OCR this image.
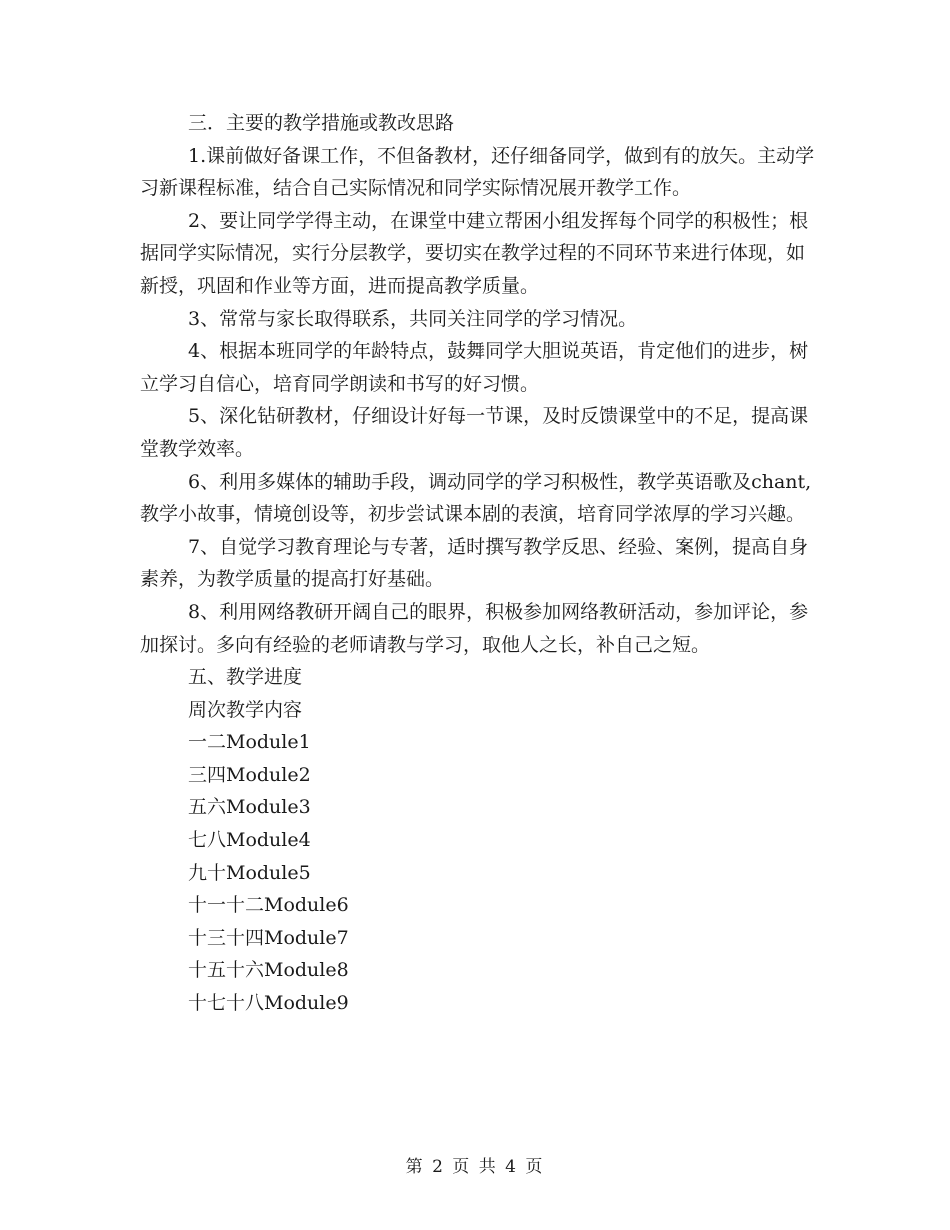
三．主要的教学措施或教改思路

1.课前做好备课工作，不但备教材，还仔细备同学，做到有的放矢。主动学习新课程标准，结合自己实际情况和同学实际情况展开教学工作。

2、要让同学学得主动，在课堂中建立帮困小组发挥每个同学的积极性；根据同学实际情况，实行分层教学，要切实在教学过程的不同环节来进行体现，如新授，巩固和作业等方面，进而提高教学质量。

3、常常与家长取得联系，共同关注同学的学习情况。

4、根据本班同学的年龄特点，鼓舞同学大胆说英语，肯定他们的进步，树立学习自信心，培育同学朗读和书写的好习惯。

5、深化钻研教材，仔细设计好每一节课，及时反馈课堂中的不足，提高课堂教学效率。

6、利用多媒体的辅助手段，调动同学的学习积极性，教学英语歌及chant,教学小故事，情境创设等，初步尝试课本剧的表演，培育同学浓厚的学习兴趣。

7、自觉学习教育理论与专著，适时撰写教学反思、经验、案例，提高自身素养，为教学质量的提高打好基础。

8、利用网络教研开阔自己的眼界，积极参加网络教研活动，参加评论，参加探讨。多向有经验的老师请教与学习，取他人之长，补自己之短。

五、教学进度

周次教学内容

一二Module1

三四Module2

五六Module3

七八Module4

九十Module5

十一十二Module6

十三十四Module7

十五十六Module8

十七十八Module9

第 2 页 共 4 页
